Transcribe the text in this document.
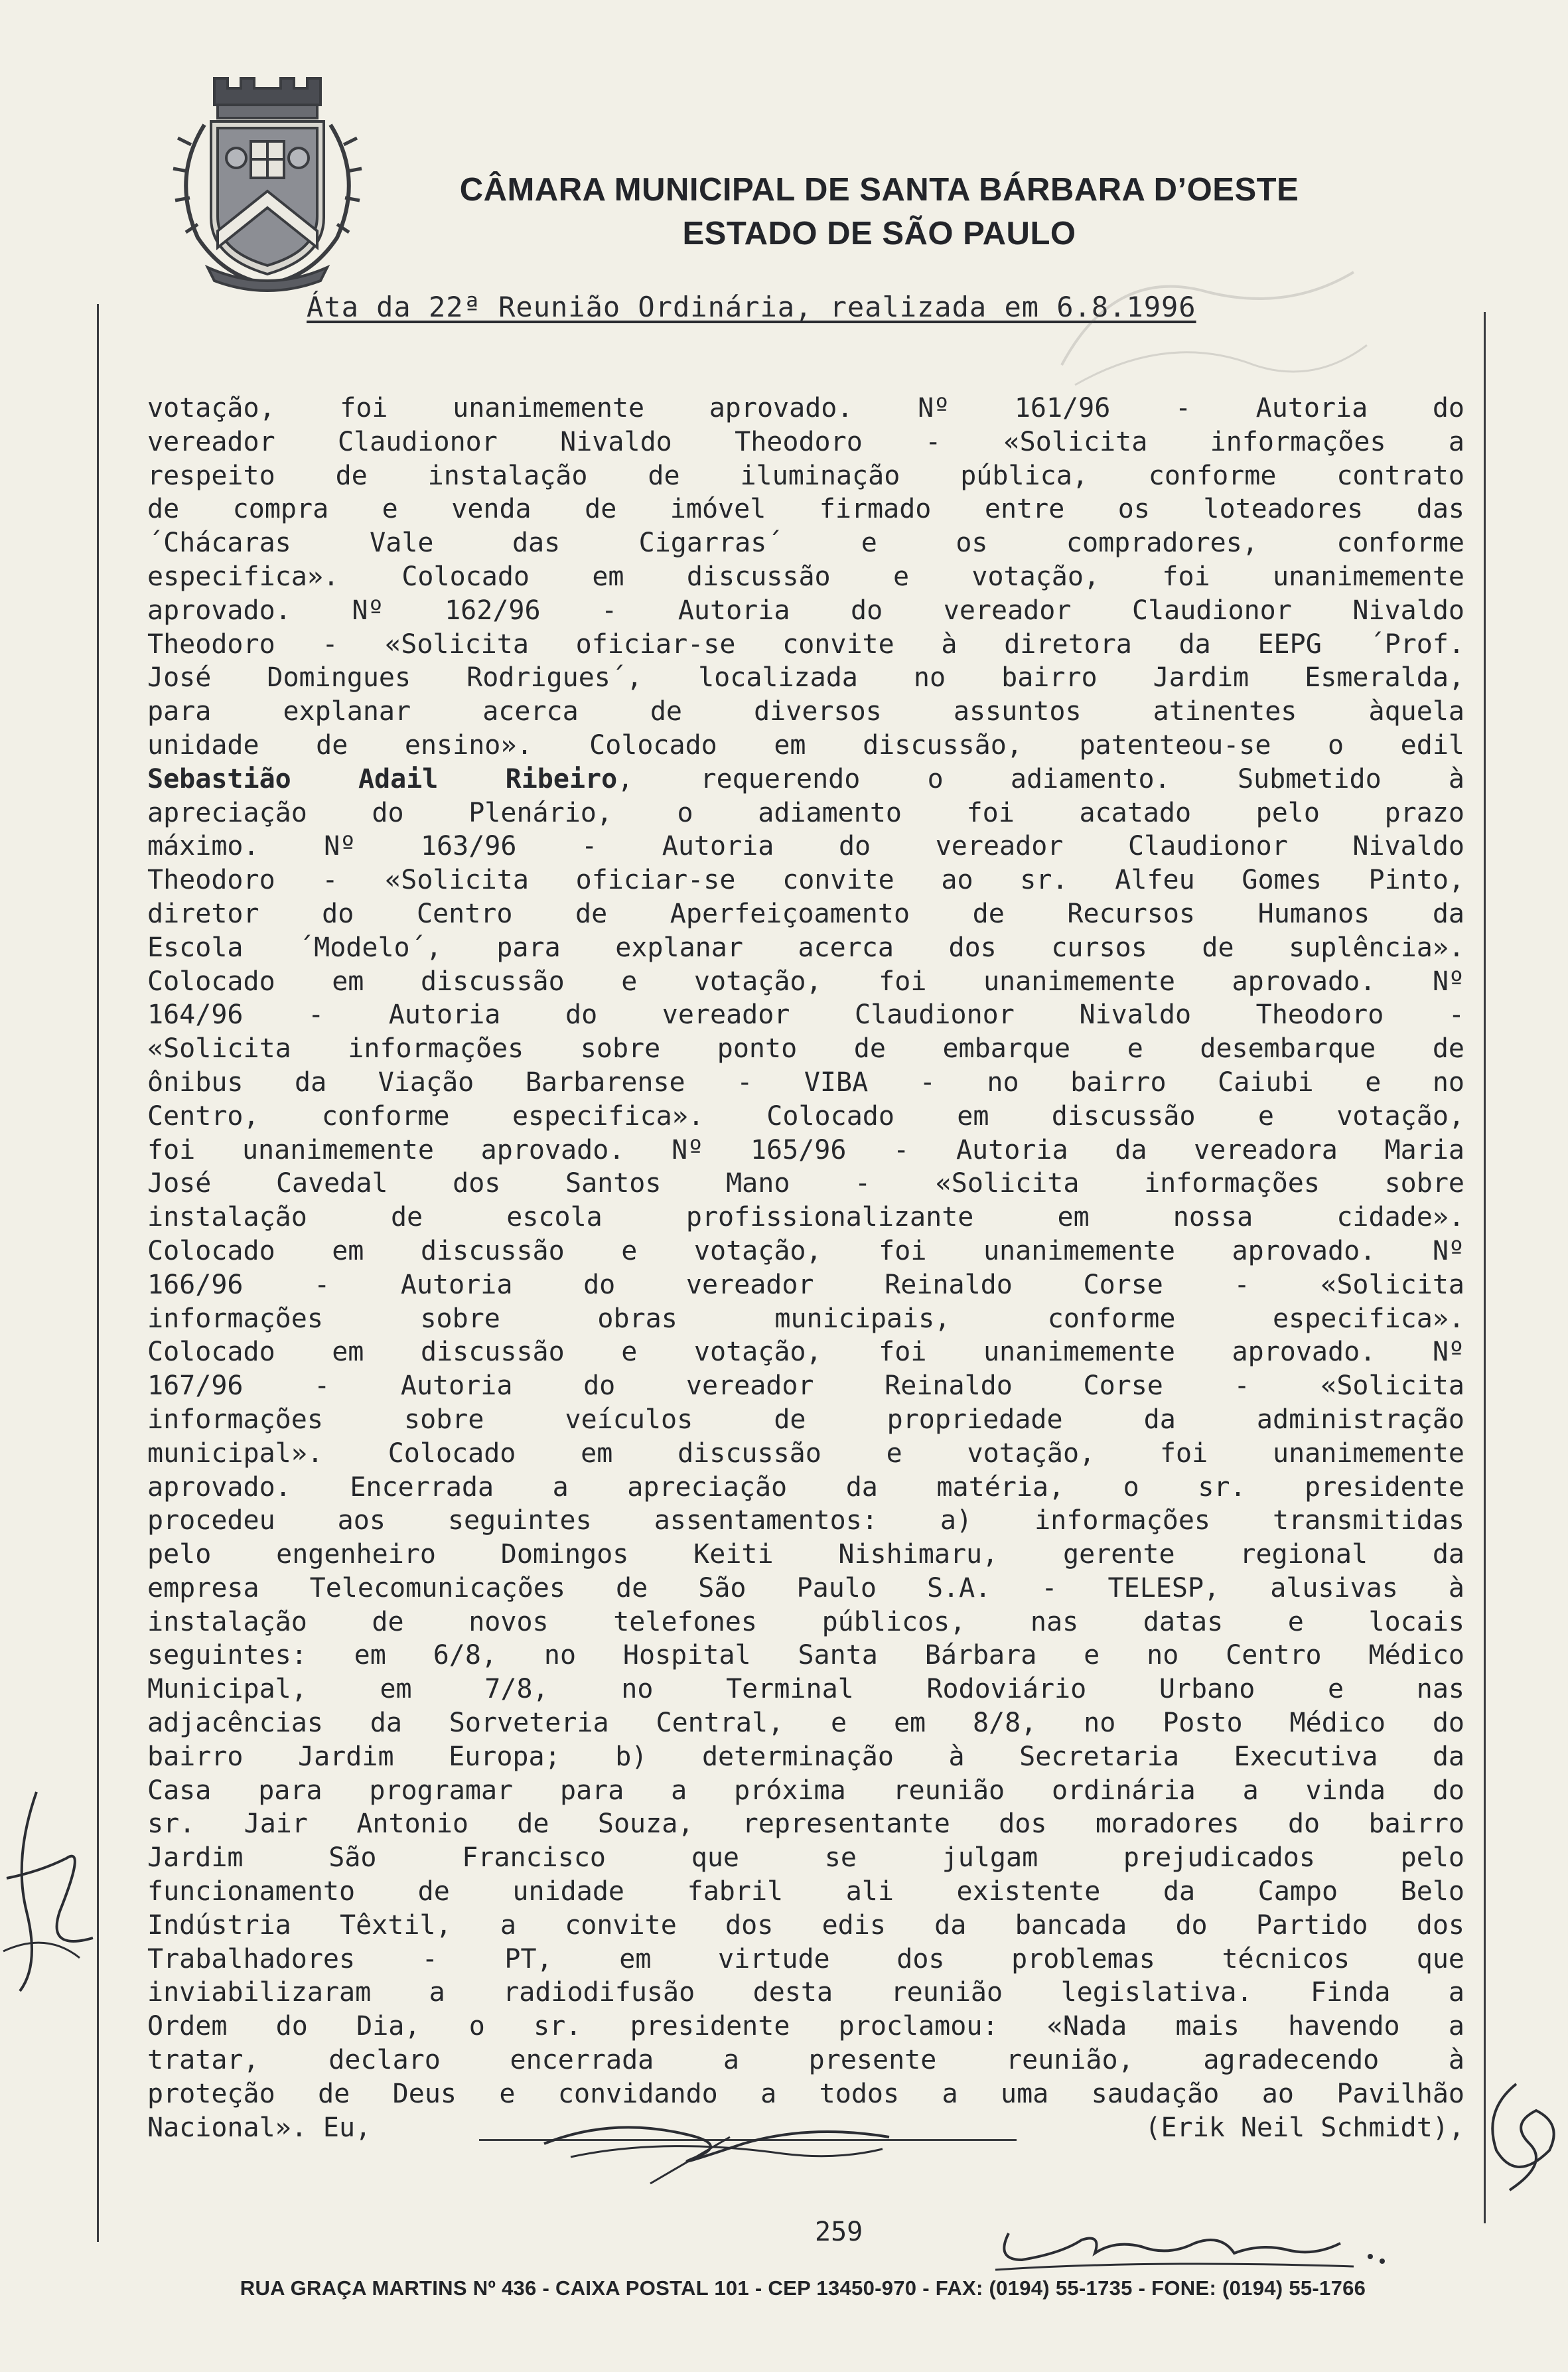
CÂMARA MUNICIPAL DE SANTA BÁRBARA D’OESTE
ESTADO DE SÃO PAULO
Áta da 22ª Reunião Ordinária, realizada em 6.8.1996
votação, foi unanimemente aprovado. Nº 161/96 - Autoria do
vereador Claudionor Nivaldo Theodoro - «Solicita informações a
respeito de instalação de iluminação pública, conforme contrato
de compra e venda de imóvel firmado entre os loteadores das
´Chácaras Vale das Cigarras´ e os compradores, conforme
especifica». Colocado em discussão e votação, foi unanimemente
aprovado. Nº 162/96 - Autoria do vereador Claudionor Nivaldo
Theodoro - «Solicita oficiar-se convite à diretora da EEPG ´Prof.
José Domingues Rodrigues´, localizada no bairro Jardim Esmeralda,
para explanar acerca de diversos assuntos atinentes àquela
unidade de ensino». Colocado em discussão, patenteou-se o edil
Sebastião Adail Ribeiro, requerendo o adiamento. Submetido à
apreciação do Plenário, o adiamento foi acatado pelo prazo
máximo. Nº 163/96 - Autoria do vereador Claudionor Nivaldo
Theodoro - «Solicita oficiar-se convite ao sr. Alfeu Gomes Pinto,
diretor do Centro de Aperfeiçoamento de Recursos Humanos da
Escola ´Modelo´, para explanar acerca dos cursos de suplência».
Colocado em discussão e votação, foi unanimemente aprovado. Nº
164/96 - Autoria do vereador Claudionor Nivaldo Theodoro -
«Solicita informações sobre ponto de embarque e desembarque de
ônibus da Viação Barbarense - VIBA - no bairro Caiubi e no
Centro, conforme especifica». Colocado em discussão e votação,
foi unanimemente aprovado. Nº 165/96 - Autoria da vereadora Maria
José Cavedal dos Santos Mano - «Solicita informações sobre
instalação de escola profissionalizante em nossa cidade».
Colocado em discussão e votação, foi unanimemente aprovado. Nº
166/96 - Autoria do vereador Reinaldo Corse - «Solicita
informações sobre obras municipais, conforme especifica».
Colocado em discussão e votação, foi unanimemente aprovado. Nº
167/96 - Autoria do vereador Reinaldo Corse - «Solicita
informações sobre veículos de propriedade da administração
municipal». Colocado em discussão e votação, foi unanimemente
aprovado. Encerrada a apreciação da matéria, o sr. presidente
procedeu aos seguintes assentamentos: a) informações transmitidas
pelo engenheiro Domingos Keiti Nishimaru, gerente regional da
empresa Telecomunicações de São Paulo S.A. - TELESP, alusivas à
instalação de novos telefones públicos, nas datas e locais
seguintes: em 6/8, no Hospital Santa Bárbara e no Centro Médico
Municipal, em 7/8, no Terminal Rodoviário Urbano e nas
adjacências da Sorveteria Central, e em 8/8, no Posto Médico do
bairro Jardim Europa; b) determinação à Secretaria Executiva da
Casa para programar para a próxima reunião ordinária a vinda do
sr. Jair Antonio de Souza, representante dos moradores do bairro
Jardim São Francisco que se julgam prejudicados pelo
funcionamento de unidade fabril ali existente da Campo Belo
Indústria Têxtil, a convite dos edis da bancada do Partido dos
Trabalhadores - PT, em virtude dos problemas técnicos que
inviabilizaram a radiodifusão desta reunião legislativa. Finda a
Ordem do Dia, o sr. presidente proclamou: «Nada mais havendo a
tratar, declaro encerrada a presente reunião, agradecendo à
proteção de Deus e convidando a todos a uma saudação ao Pavilhão
Nacional». Eu,	(Erik Neil Schmidt),
259
RUA GRAÇA MARTINS Nº 436 - CAIXA POSTAL 101 - CEP 13450-970 - FAX: (0194) 55-1735 - FONE: (0194) 55-1766
